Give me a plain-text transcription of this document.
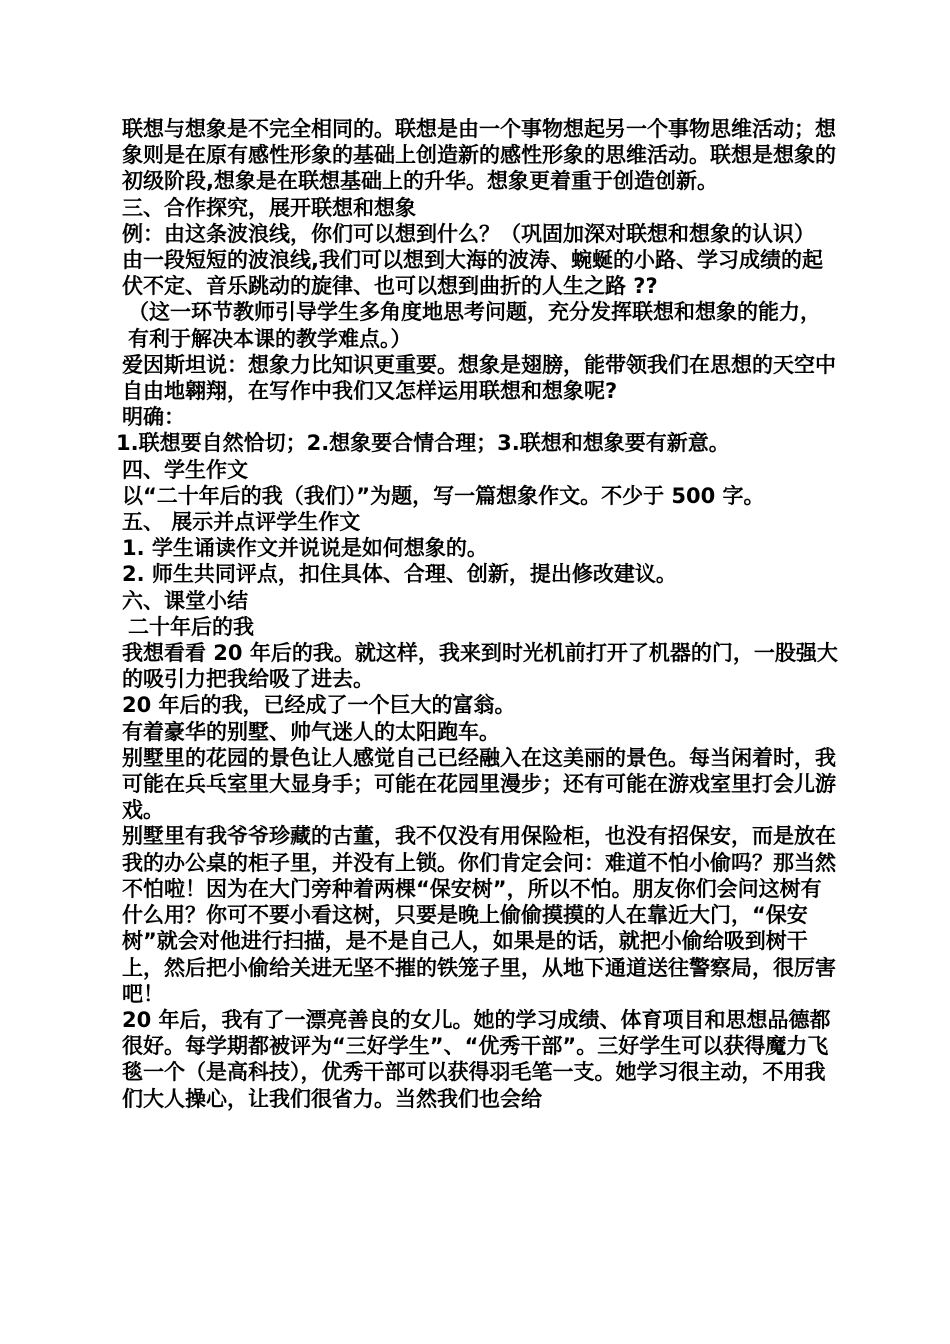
联想与想象是不完全相同的。联想是由一个事物想起另一个事物思维活动；想象则是在原有感性形象的基础上创造新的感性形象的思维活动。联想是想象的初级阶段,想象是在联想基础上的升华。想象更着重于创造创新。

三、合作探究，展开联想和想象

例：由这条波浪线，你们可以想到什么？（巩固加深对联想和想象的认识）

由一段短短的波浪线,我们可以想到大海的波涛、蜿蜒的小路、学习成绩的起伏不定、音乐跳动的旋律、也可以想到曲折的人生之路 ??

（这一环节教师引导学生多角度地思考问题，充分发挥联想和想象的能力，有利于解决本课的教学难点。）

爱因斯坦说：想象力比知识更重要。想象是翅膀，能带领我们在思想的天空中自由地翱翔，在写作中我们又怎样运用联想和想象呢?

明确：

1.联想要自然恰切；2.想象要合情合理；3.联想和想象要有新意。

四、学生作文

以“二十年后的我（我们）”为题，写一篇想象作文。不少于 500 字。

五、 展示并点评学生作文

1. 学生诵读作文并说说是如何想象的。

2. 师生共同评点，扣住具体、合理、创新，提出修改建议。

六、课堂小结

二十年后的我

我想看看 20 年后的我。就这样，我来到时光机前打开了机器的门，一股强大的吸引力把我给吸了进去。

20 年后的我，已经成了一个巨大的富翁。

有着豪华的别墅、帅气迷人的太阳跑车。

别墅里的花园的景色让人感觉自己已经融入在这美丽的景色。每当闲着时，我可能在兵乓室里大显身手；可能在花园里漫步；还有可能在游戏室里打会儿游戏。

别墅里有我爷爷珍藏的古董，我不仅没有用保险柜，也没有招保安，而是放在我的办公桌的柜子里，并没有上锁。你们肯定会问：难道不怕小偷吗？那当然不怕啦！因为在大门旁种着两棵“保安树”，所以不怕。朋友你们会问这树有什么用？你可不要小看这树，只要是晚上偷偷摸摸的人在靠近大门，“保安树”就会对他进行扫描，是不是自己人，如果是的话，就把小偷给吸到树干上，然后把小偷给关进无坚不摧的铁笼子里，从地下通道送往警察局，很厉害吧！

20 年后，我有了一漂亮善良的女儿。她的学习成绩、体育项目和思想品德都很好。每学期都被评为“三好学生”、“优秀干部”。三好学生可以获得魔力飞毯一个（是高科技），优秀干部可以获得羽毛笔一支。她学习很主动，不用我们大人操心，让我们很省力。当然我们也会给
